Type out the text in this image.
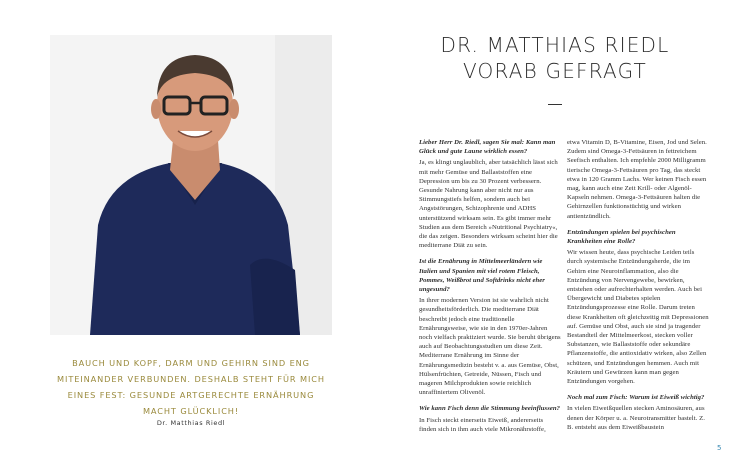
BAUCH UND KOPF, DARM UND GEHIRN SIND ENG
MITEINANDER VERBUNDEN. DESHALB STEHT FÜR MICH
EINES FEST: GESUNDE ARTGERECHTE ERNÄHRUNG
MACHT GLÜCKLICH!
Dr. Matthias Riedl
DR. MATTHIAS RIEDL
VORAB GEFRAGT

Lieber Herr Dr. Riedl, sagen Sie mal: Kann man Glück und gute Laune wirklich essen?

Ja, es klingt unglaublich, aber tatsächlich lässt sich mit mehr Gemüse und Ballaststoffen eine Depression um bis zu 30 Prozent verbessern. Gesunde Nahrung kann aber nicht nur aus Stimmungstiefs helfen, sondern auch bei Angststörungen, Schizophrenie und ADHS unterstützend wirksam sein. Es gibt immer mehr Studien aus dem Bereich »Nutritional Psychiatry«, die das zeigen. Besonders wirksam scheint hier die mediterrane Diät zu sein.

Ist die Ernährung in Mittelmeerländern wie Italien und Spanien mit viel rotem Fleisch, Pommes, Weißbrot und Softdrinks nicht eher ungesund?

In ihrer modernen Version ist sie wahrlich nicht gesundheitsförderlich. Die mediterrane Diät beschreibt jedoch eine traditionelle Ernährungsweise, wie sie in den 1970er-Jahren noch vielfach praktiziert wurde. Sie beruht übrigens auch auf Beobachtungsstudien um diese Zeit. Mediterrane Ernährung im Sinne der Ernährungsmedizin besteht v. a. aus Gemüse, Obst, Hülsenfrüchten, Getreide, Nüssen, Fisch und mageren Milchprodukten sowie reichlich unraffiniertem Olivenöl.

Wie kann Fisch denn die Stimmung beeinflussen?

In Fisch steckt einerseits Eiweiß, andererseits finden sich in ihm auch viele Mikronährstoffe,

etwa Vitamin D, B-Vitamine, Eisen, Jod und Selen. Zudem sind Omega-3-Fettsäuren in fettreichem Seefisch enthalten. Ich empfehle 2000 Milligramm tierische Omega-3-Fettsäuren pro Tag, das steckt etwa in 120 Gramm Lachs. Wer keinen Fisch essen mag, kann auch eine Zeit Krill- oder Algenöl-Kapseln nehmen. Omega-3-Fettsäuren halten die Gehirnzellen funktionstüchtig und wirken antientzündlich.

Entzündungen spielen bei psychischen Krankheiten eine Rolle?

Wir wissen heute, dass psychische Leiden teils durch systemische Entzündungsherde, die im Gehirn eine Neuroinflammation, also die Entzündung von Nervengewebe, bewirken, entstehen oder aufrechterhalten werden. Auch bei Übergewicht und Diabetes spielen Entzündungsprozesse eine Rolle. Darum treten diese Krankheiten oft gleichzeitig mit Depressionen auf. Gemüse und Obst, auch sie sind ja tragender Bestandteil der Mittelmeerkost, stecken voller Substanzen, wie Ballaststoffe oder sekundäre Pflanzenstoffe, die antioxidativ wirken, also Zellen schützen, und Entzündungen hemmen. Auch mit Kräutern und Gewürzen kann man gegen Entzündungen vorgehen.

Noch mal zum Fisch: Warum ist Eiweiß wichtig?

In vielen Eiweißquellen stecken Aminosäuren, aus denen der Körper u. a. Neurotransmitter bastelt. Z. B. entsteht aus dem Eiweißbaustein

5
